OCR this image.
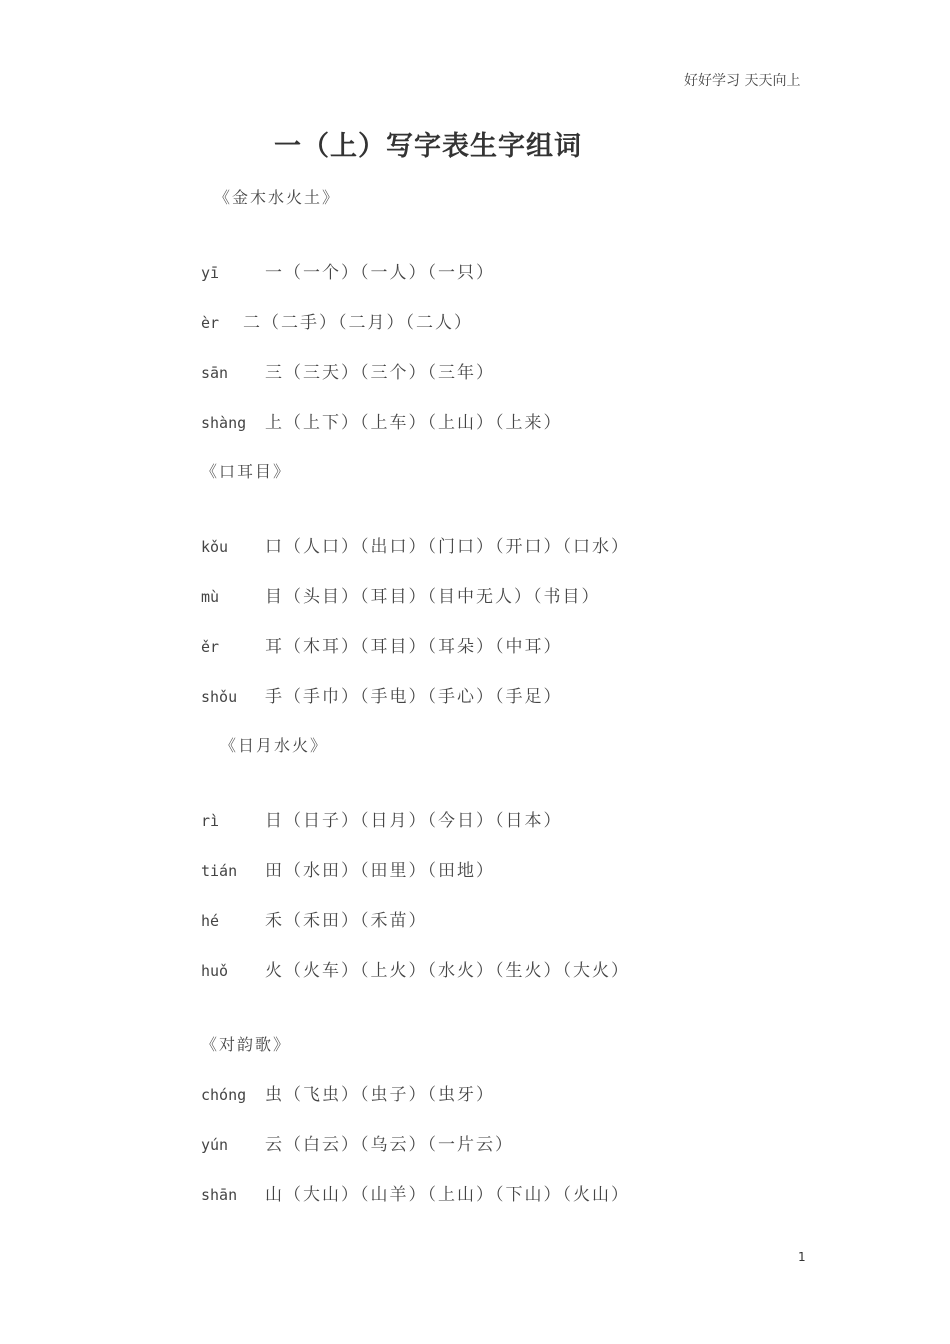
好好学习 天天向上
一（上）写字表生字组词
《金木水火土》
yī	一（一个）（一人）（一只）
èr 二（二手）（二月）（二人）
sān 三（三天）（三个）（三年）
shàng 上（上下）（上车）（上山）（上来）
《口耳目》
kǒu 口（人口）（出口）（门口）（开口）（口水）
mù	目（头目）（耳目）（目中无人）（书目）
ěr	耳（木耳）（耳目）（耳朵）（中耳）
shǒu 手（手巾）（手电）（手心）（手足）
《日月水火》
rì	日（日子）（日月）（今日）（日本）
tián 田（水田）（田里）（田地）
hé	禾（禾田）（禾苗）
huǒ 火（火车）（上火）（水火）（生火）（大火）
《对韵歌》
chóng 虫（飞虫）（虫子）（虫牙）
yún 云（白云）（乌云）（一片云）
shān 山（大山）（山羊）（上山）（下山）（火山）
1
